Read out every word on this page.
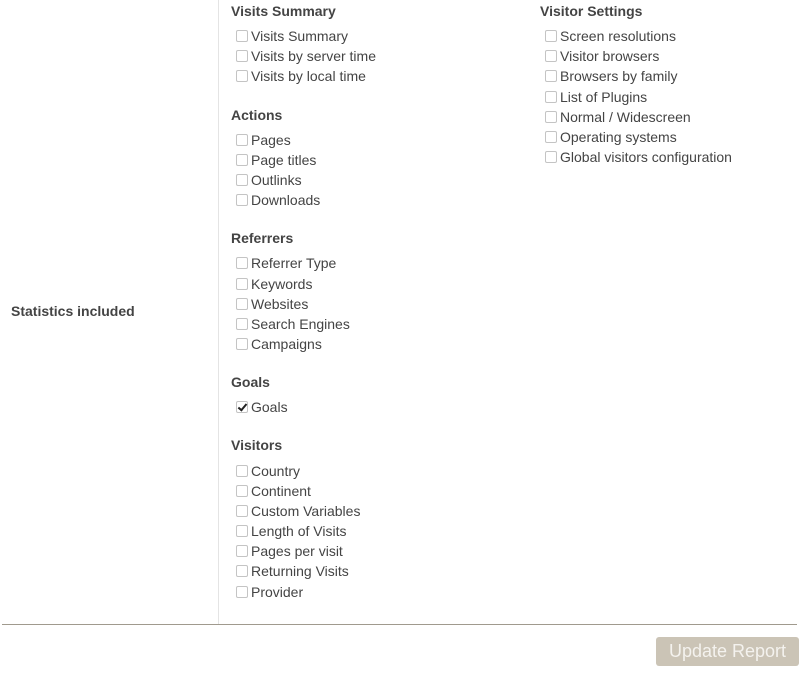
Statistics included
Visits Summary
Visits Summary
Visits by server time
Visits by local time
Actions
Pages
Page titles
Outlinks
Downloads
Referrers
Referrer Type
Keywords
Websites
Search Engines
Campaigns
Goals
Goals
Visitors
Country
Continent
Custom Variables
Length of Visits
Pages per visit
Returning Visits
Provider
Visitor Settings
Screen resolutions
Visitor browsers
Browsers by family
List of Plugins
Normal / Widescreen
Operating systems
Global visitors configuration
Update Report
